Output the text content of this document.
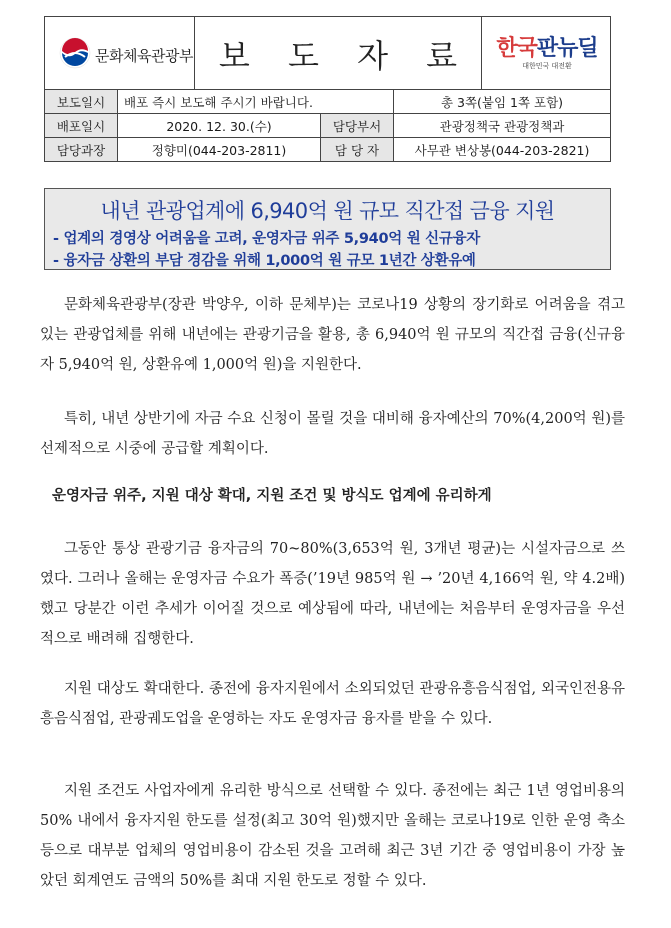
문화체육관광부 보 도 자 료	한국판뉴딜
대한민국 대전환
보도일시	배포 즉시 보도해 주시기 바랍니다.		총 3쪽(붙임 1쪽 포함)
배포일시	2020. 12. 30.(수)	담당부서	관광정책국 관광정책과
담당과장	정향미(044-203-2811)	담 당 자	사무관 변상봉(044-203-2821)
내년 관광업계에 6,940억 원 규모 직간접 금융 지원
- 업계의 경영상 어려움을 고려, 운영자금 위주 5,940억 원 신규융자
- 융자금 상환의 부담 경감을 위해 1,000억 원 규모 1년간 상환유예
문화체육관광부(장관 박양우, 이하 문체부)는 코로나19 상황의 장기화로 어려움을 겪고 있는 관광업체를 위해 내년에는 관광기금을 활용, 총 6,940억 원 규모의 직간접 금융(신규융자 5,940억 원, 상환유예 1,000억 원)을 지원한다.
특히, 내년 상반기에 자금 수요 신청이 몰릴 것을 대비해 융자예산의 70%(4,200억 원)를 선제적으로 시중에 공급할 계획이다.
운영자금 위주, 지원 대상 확대, 지원 조건 및 방식도 업계에 유리하게
그동안 통상 관광기금 융자금의 70~80%(3,653억 원, 3개년 평균)는 시설자금으로 쓰였다. 그러나 올해는 운영자금 수요가 폭증(’19년 985억 원 → ’20년 4,166억 원, 약 4.2배)했고 당분간 이런 추세가 이어질 것으로 예상됨에 따라, 내년에는 처음부터 운영자금을 우선적으로 배려해 집행한다.
지원 대상도 확대한다. 종전에 융자지원에서 소외되었던 관광유흥음식점업, 외국인전용유흥음식점업, 관광궤도업을 운영하는 자도 운영자금 융자를 받을 수 있다.
지원 조건도 사업자에게 유리한 방식으로 선택할 수 있다. 종전에는 최근 1년 영업비용의 50% 내에서 융자지원 한도를 설정(최고 30억 원)했지만 올해는 코로나19로 인한 운영 축소 등으로 대부분 업체의 영업비용이 감소된 것을 고려해 최근 3년 기간 중 영업비용이 가장 높았던 회계연도 금액의 50%를 최대 지원 한도로 정할 수 있다.
